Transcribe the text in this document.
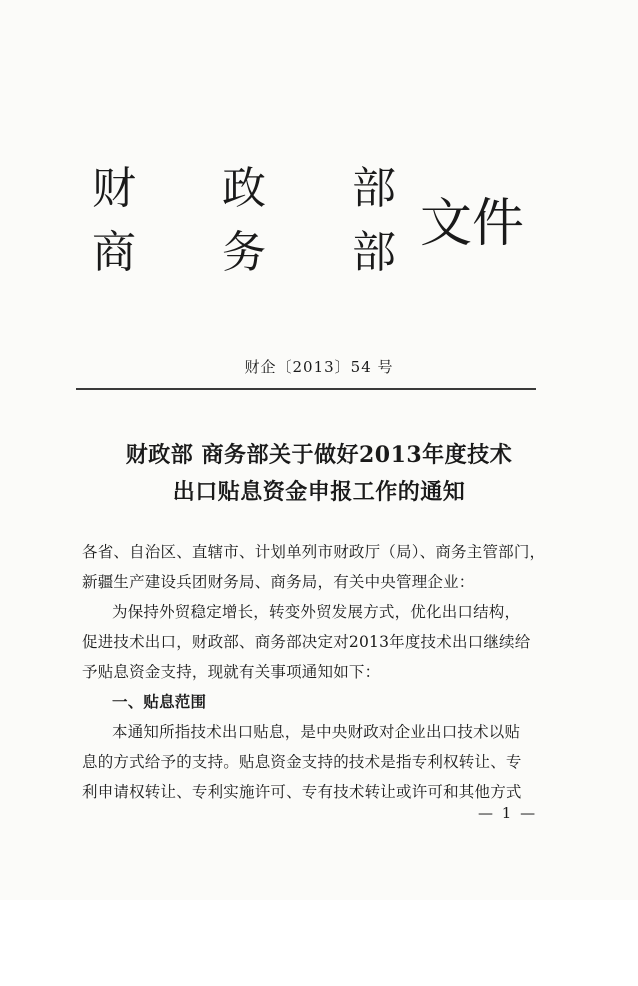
财
商
政
务
部
部 文件
财企〔2013〕54 号
财政部 商务部关于做好2013年度技术
出口贴息资金申报工作的通知
各省、自治区、直辖市、计划单列市财政厅（局）、商务主管部门，
新疆生产建设兵团财务局、商务局，有关中央管理企业：
为保持外贸稳定增长，转变外贸发展方式，优化出口结构，
促进技术出口，财政部、商务部决定对2013年度技术出口继续给
予贴息资金支持，现就有关事项通知如下：
一、贴息范围
本通知所指技术出口贴息，是中央财政对企业出口技术以贴
息的方式给予的支持。贴息资金支持的技术是指专利权转让、专
利申请权转让、专利实施许可、专有技术转让或许可和其他方式
— 1 —
